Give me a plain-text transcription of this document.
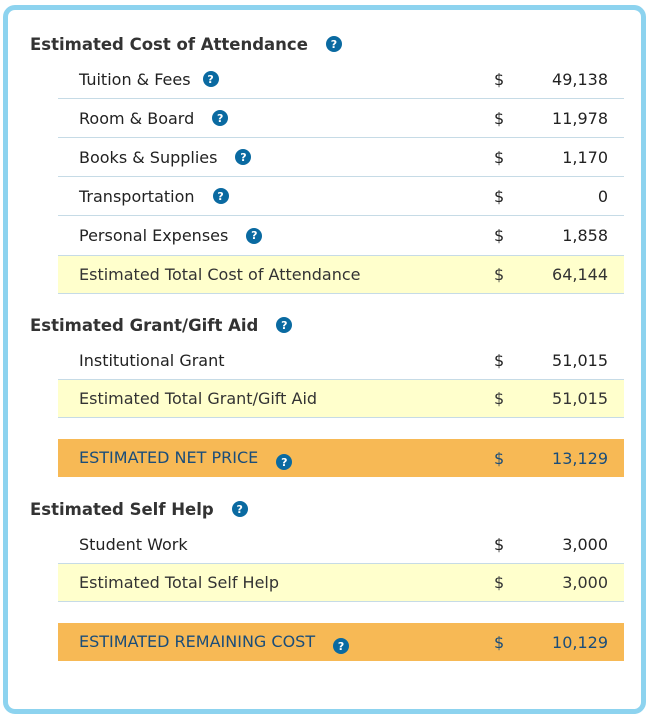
Estimated Cost of Attendance	?
Tuition & Fees	?	$	49,138
Room & Board	?	$	11,978
Books & Supplies	?	$	1,170
Transportation	?	$	0
Personal Expenses	?	$	1,858
Estimated Total Cost of Attendance	$	64,144
Estimated Grant/Gift Aid	?
Institutional Grant	$	51,015
Estimated Total Grant/Gift Aid	$	51,015
ESTIMATED NET PRICE	?	$	13,129
Estimated Self Help	?
Student Work	$	3,000
Estimated Total Self Help	$	3,000
ESTIMATED REMAINING COST	?	$	10,129
